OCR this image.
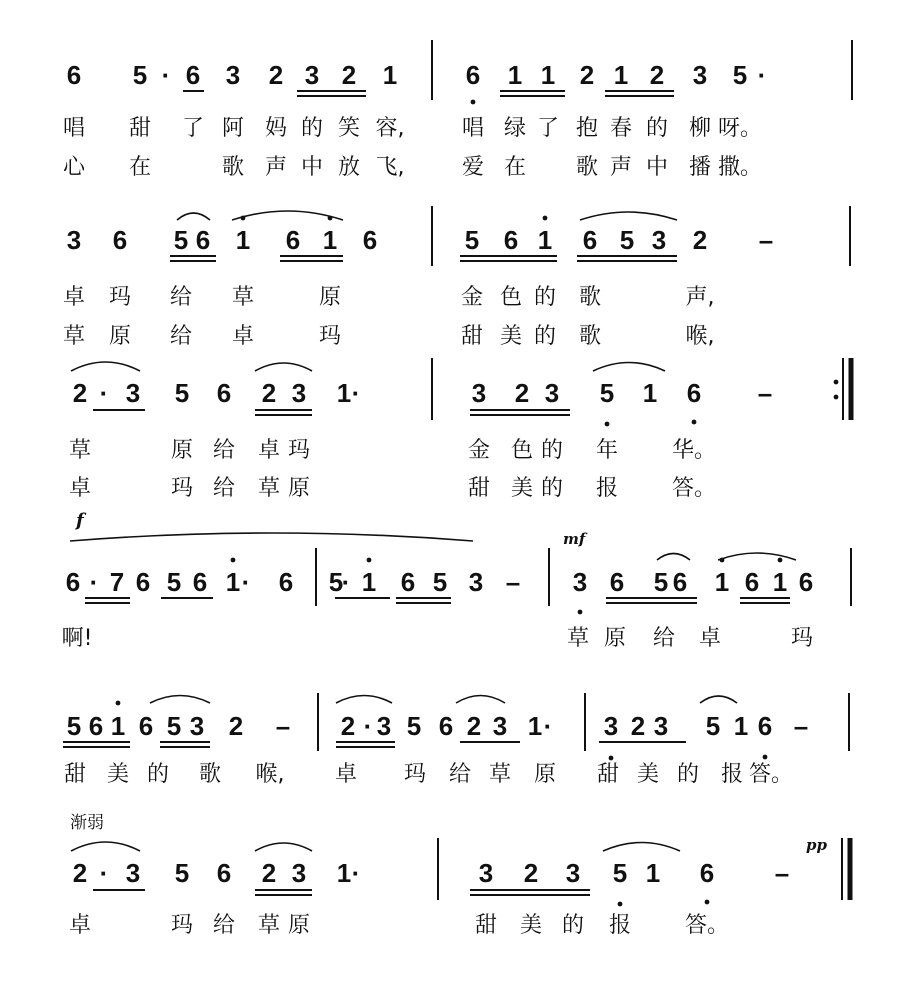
f
mf
pp
渐弱
6 5 · 6 3 2 3 2 1	6 1 1 2 1 2 3 5 ·
唱 甜 了 阿 妈 的 笑 容,	唱 绿 了 抱 春 的 柳 呀。
心 在	歌 声 中 放 飞,	爱 在 歌 声 中 播 撒。
3 6 5 6 1 6 1 6	5 6 1 6 5 3 2 –
卓 玛 给 草	原	金 色 的 歌	声,
草 原 给 卓	玛	甜 美 的 歌	喉,
2 · 3 5 6 2 3 1 ·	3 2 3 5 1 6 –
草	原 给 卓 玛	金 色 的 年 华。
卓	玛 给 草 原	甜 美 的 报 答。
6 · 7 6 5 6 1 · 6 5
· 1 6 5 3 – 3 6 5 6 1 6 1 6
啊!	草 原 给 卓	玛
5 6 1 6 5 3 2 – 2 · 3 5 6 2 3 1 · 3 2 3 5 1 6 –
甜 美 的 歌 喉, 卓 玛 给 草 原 甜 美 的 报 答。
2 · 3 5 6 2 3 1 ·	3 2 3 5 1 6 –
卓	玛 给 草 原	甜 美 的 报 答。
